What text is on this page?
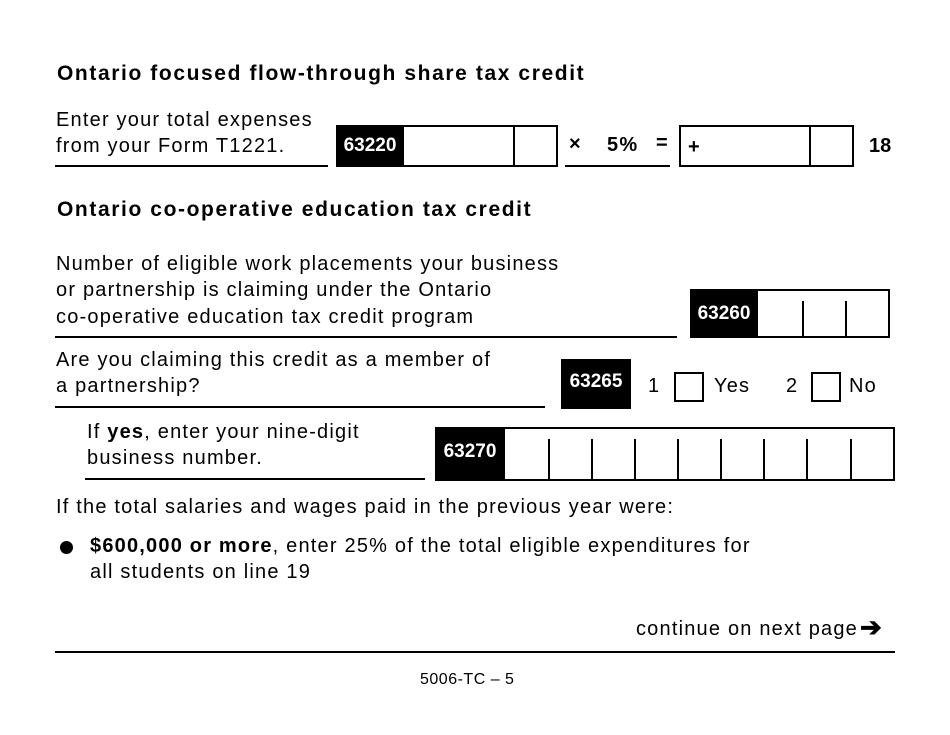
Ontario focused flow-through share tax credit
Enter your total expenses
from your Form T1221.	63220	× 5% = +	18
Ontario co-operative education tax credit
Number of eligible work placements your business
or partnership is claiming under the Ontario
co-operative education tax credit program	63260
Are you claiming this credit as a member of
a partnership?	63265	1	Yes 2	No
If yes, enter your nine-digit
business number.	63270
If the total salaries and wages paid in the previous year were:
$600,000 or more, enter 25% of the total eligible expenditures for
all students on line 19
continue on next page ➔
5006-TC – 5
